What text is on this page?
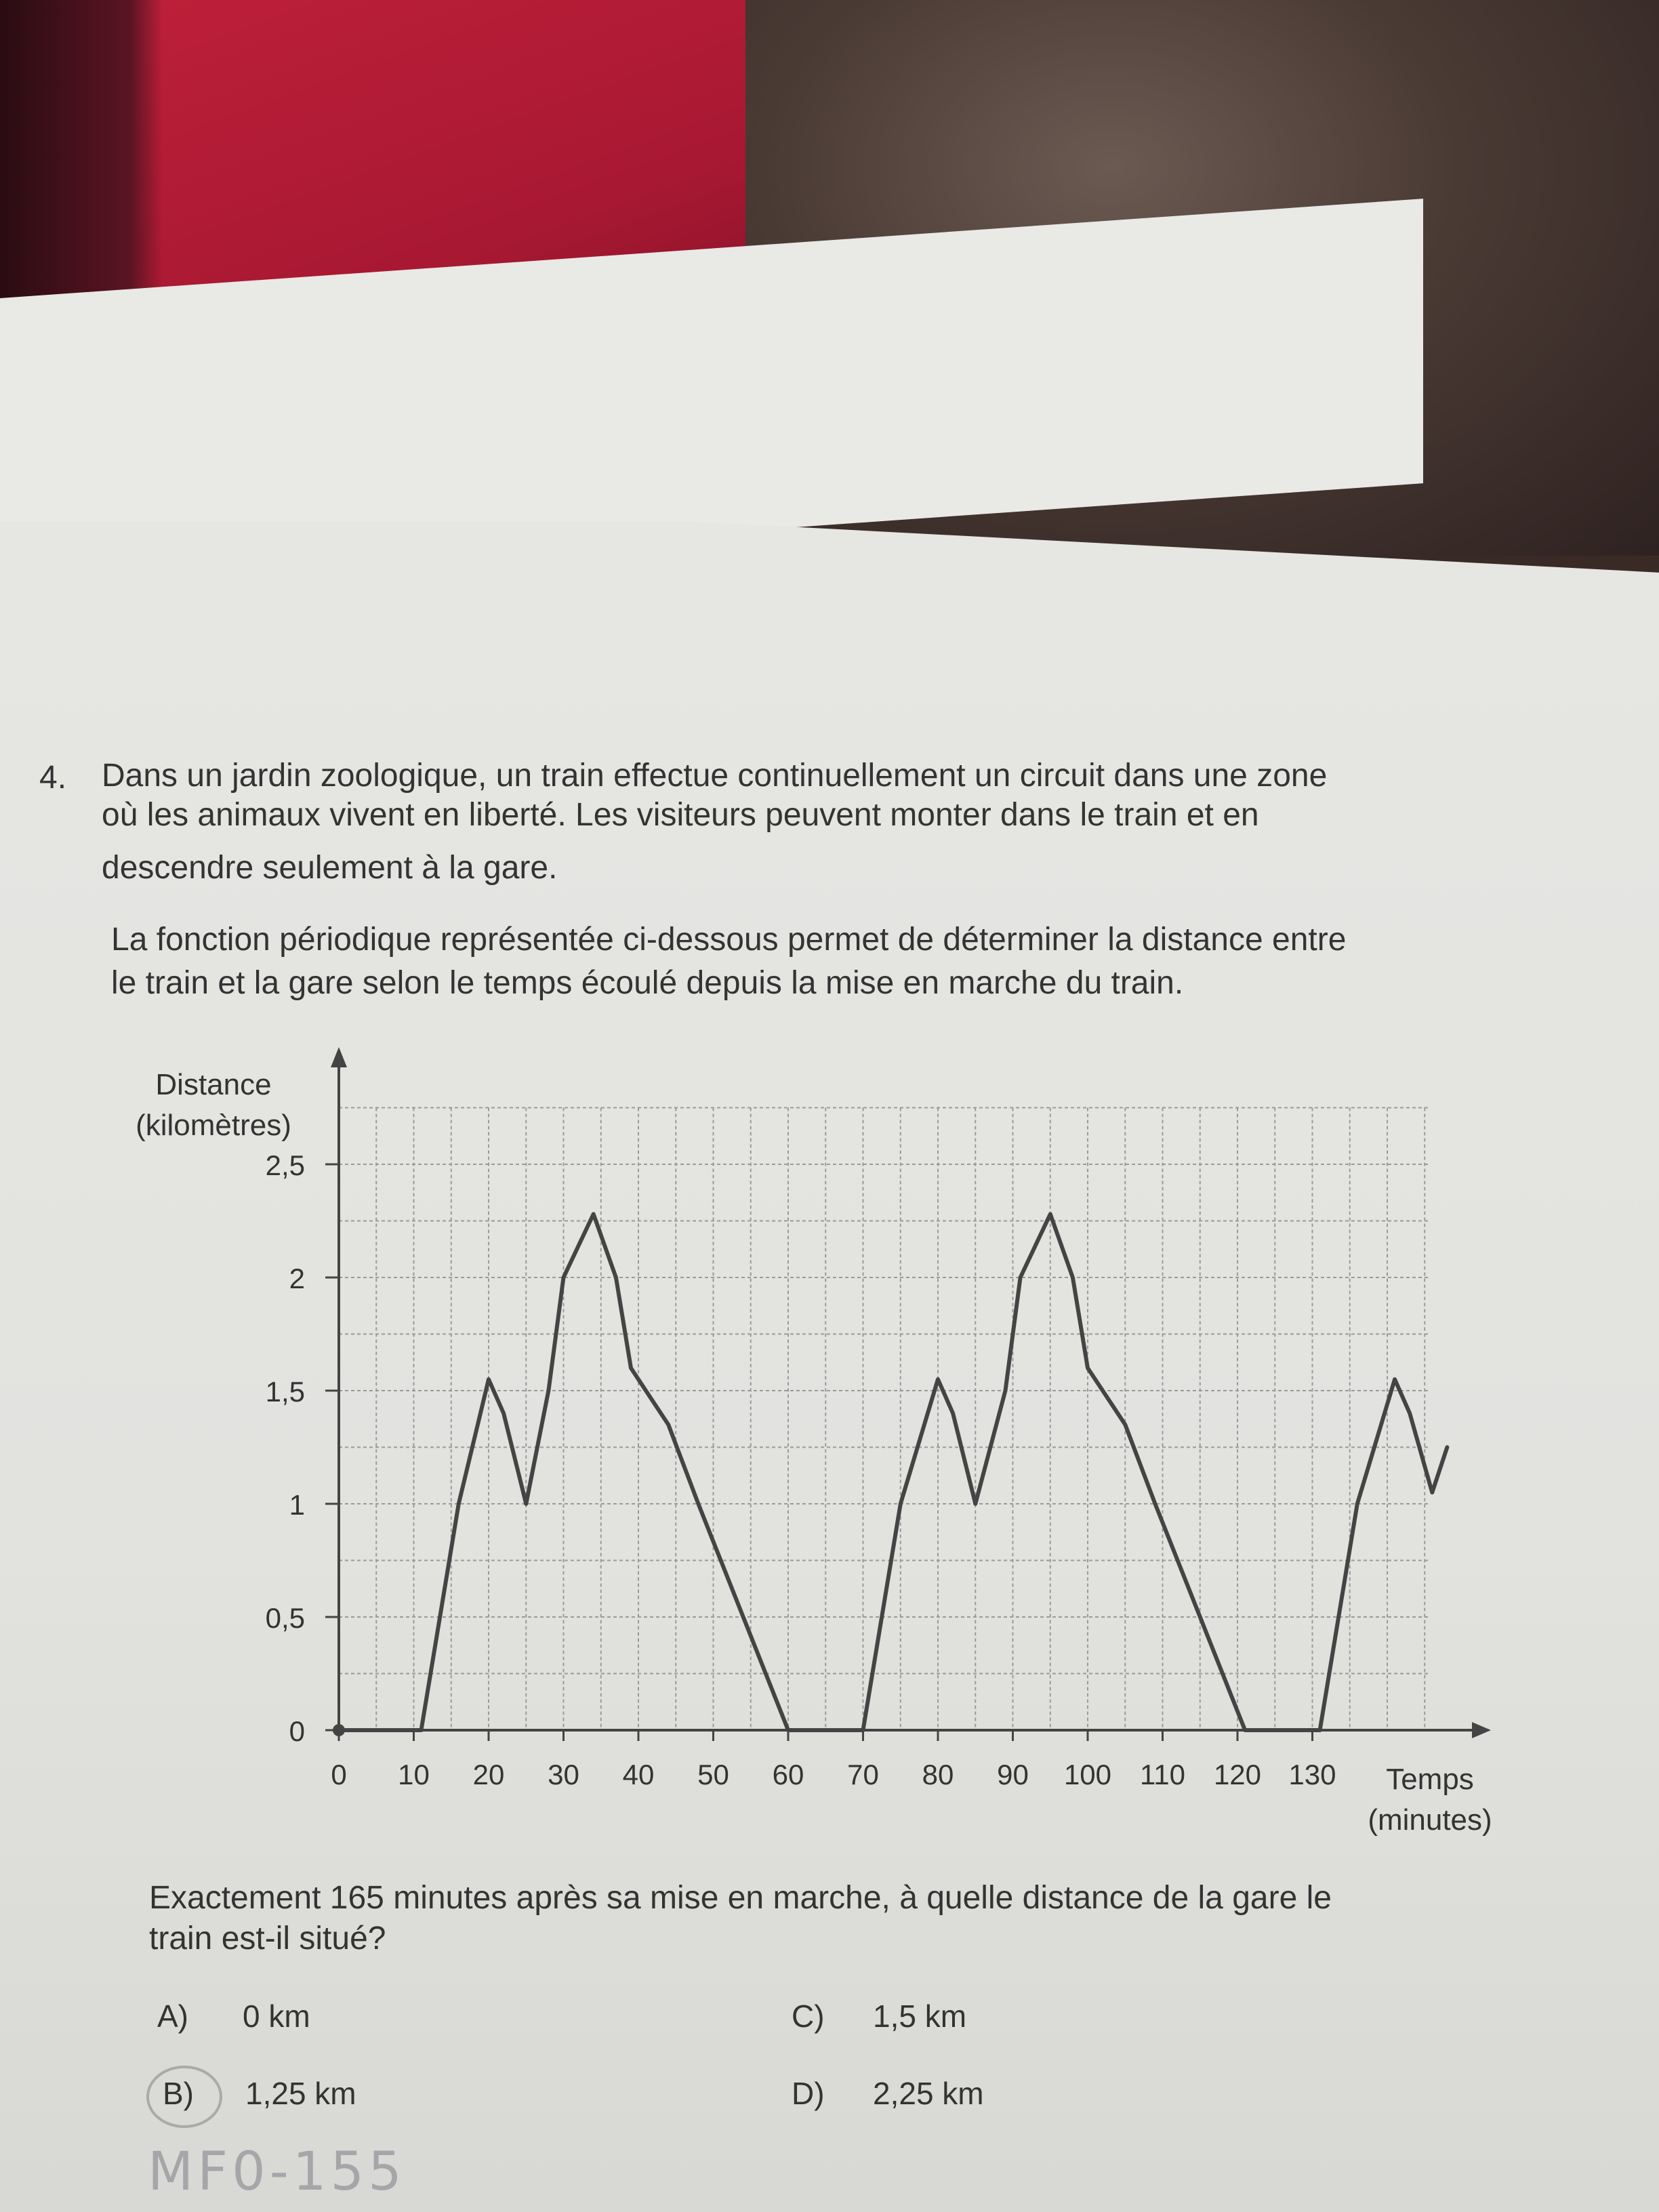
4. Dans un jardin zoologique, un train effectue continuellement un circuit dans une zone
où les animaux vivent en liberté. Les visiteurs peuvent monter dans le train et en
descendre seulement à la gare.
La fonction périodique représentée ci-dessous permet de déterminer la distance entre
le train et la gare selon le temps écoulé depuis la mise en marche du train.
0 10 20 30 40 50 60 70 80 90 100 110 120 130
0
0,5
1
1,5
2
2,5
Distance
(kilomètres)
Temps
(minutes)
Exactement 165 minutes après sa mise en marche, à quelle distance de la gare le
train est-il situé?
A) 0 km
B) 1,25 km
C) 1,5 km
D) 2,25 km
MF0-155
